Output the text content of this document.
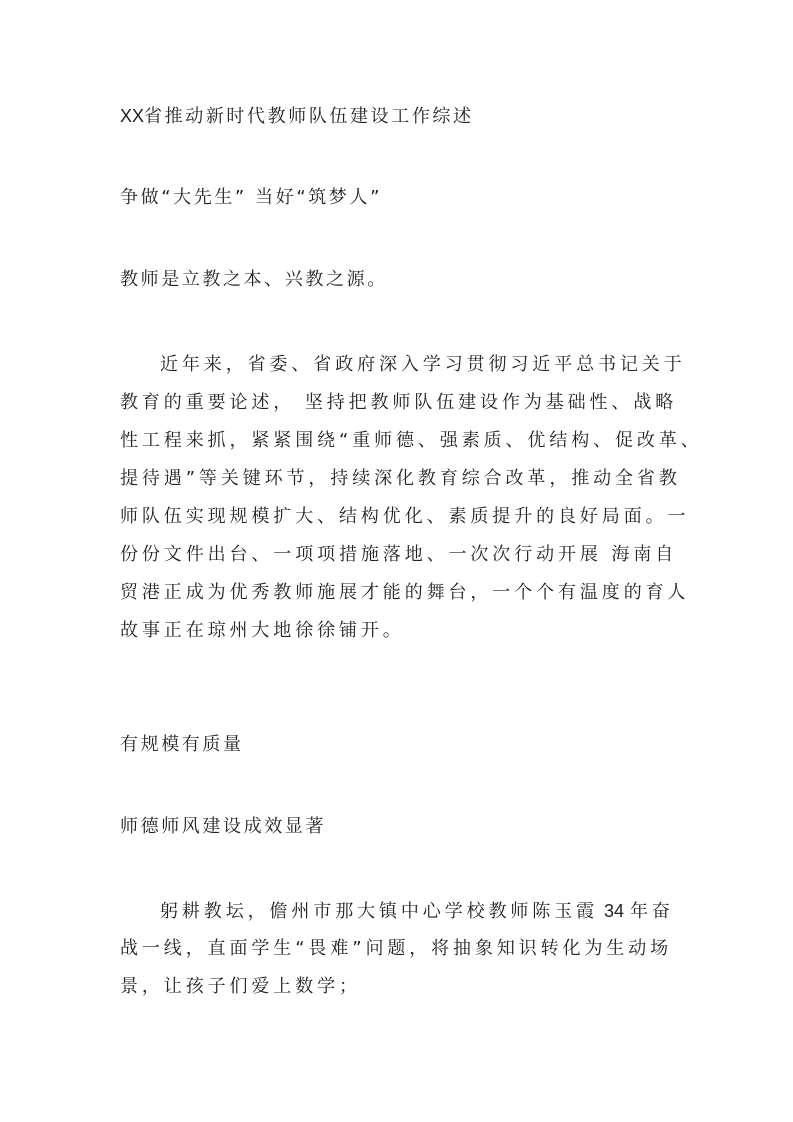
XX省推动新时代教师队伍建设工作综述
争做“大先生” 当好“筑梦人”
教师是立教之本、兴教之源。
近年来，省委、省政府深入学习贯彻习近平总书记关于
教育的重要论述， 坚持把教师队伍建设作为基础性、战略
性工程来抓，紧紧围绕“重师德、强素质、优结构、促改革、
提待遇”等关键环节，持续深化教育综合改革，推动全省教
师队伍实现规模扩大、结构优化、素质提升的良好局面。一
份份文件出台、一项项措施落地、一次次行动开展 海南自
贸港正成为优秀教师施展才能的舞台，一个个有温度的育人
故事正在琼州大地徐徐铺开。
有规模有质量
师德师风建设成效显著
躬耕教坛，儋州市那大镇中心学校教师陈玉霞 34 年奋
战一线，直面学生“畏难”问题，将抽象知识转化为生动场
景，让孩子们爱上数学；
